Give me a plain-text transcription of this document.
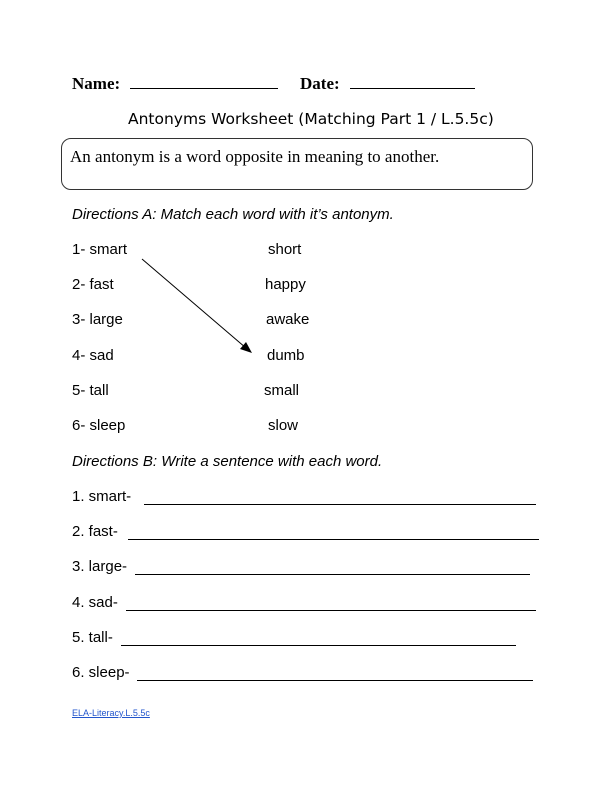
Name:	Date:
Antonyms Worksheet (Matching Part 1 / L.5.5c)
An antonym is a word opposite in meaning to another.
Directions A: Match each word with it’s antonym.
1- smart
2- fast
3- large
4- sad
5- tall
6- sleep
short
happy
awake
dumb
small
slow
Directions B: Write a sentence with each word.
1. smart-
2. fast-
3. large-
4. sad-
5. tall-
6. sleep-
ELA-Literacy.L.5.5c
